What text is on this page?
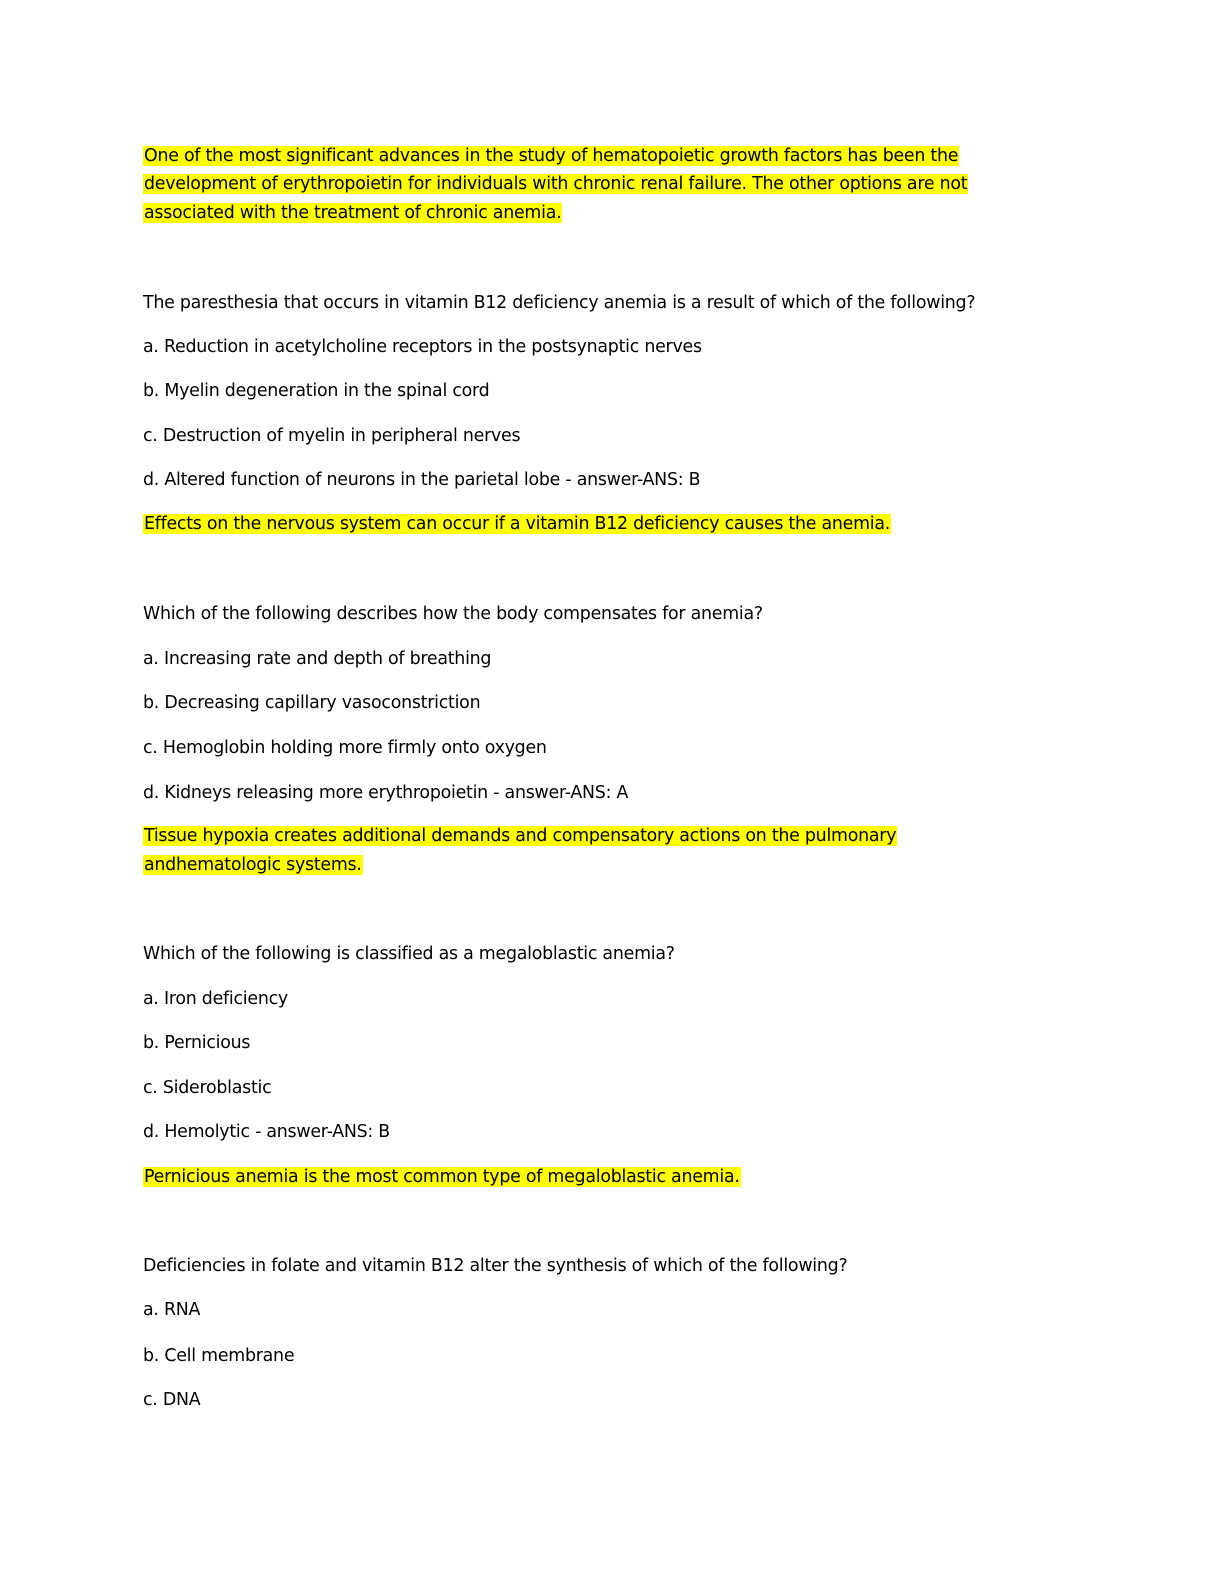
One of the most significant advances in the study of hematopoietic growth factors has been the
development of erythropoietin for individuals with chronic renal failure. The other options are not
associated with the treatment of chronic anemia.
The paresthesia that occurs in vitamin B12 deficiency anemia is a result of which of the following?
a. Reduction in acetylcholine receptors in the postsynaptic nerves
b. Myelin degeneration in the spinal cord
c. Destruction of myelin in peripheral nerves
d. Altered function of neurons in the parietal lobe - answer-ANS: B
Effects on the nervous system can occur if a vitamin B12 deficiency causes the anemia.
Which of the following describes how the body compensates for anemia?
a. Increasing rate and depth of breathing
b. Decreasing capillary vasoconstriction
c. Hemoglobin holding more firmly onto oxygen
d. Kidneys releasing more erythropoietin - answer-ANS: A
Tissue hypoxia creates additional demands and compensatory actions on the pulmonary
andhematologic systems.
Which of the following is classified as a megaloblastic anemia?
a. Iron deficiency
b. Pernicious
c. Sideroblastic
d. Hemolytic - answer-ANS: B
Pernicious anemia is the most common type of megaloblastic anemia.
Deficiencies in folate and vitamin B12 alter the synthesis of which of the following?
a. RNA
b. Cell membrane
c. DNA
